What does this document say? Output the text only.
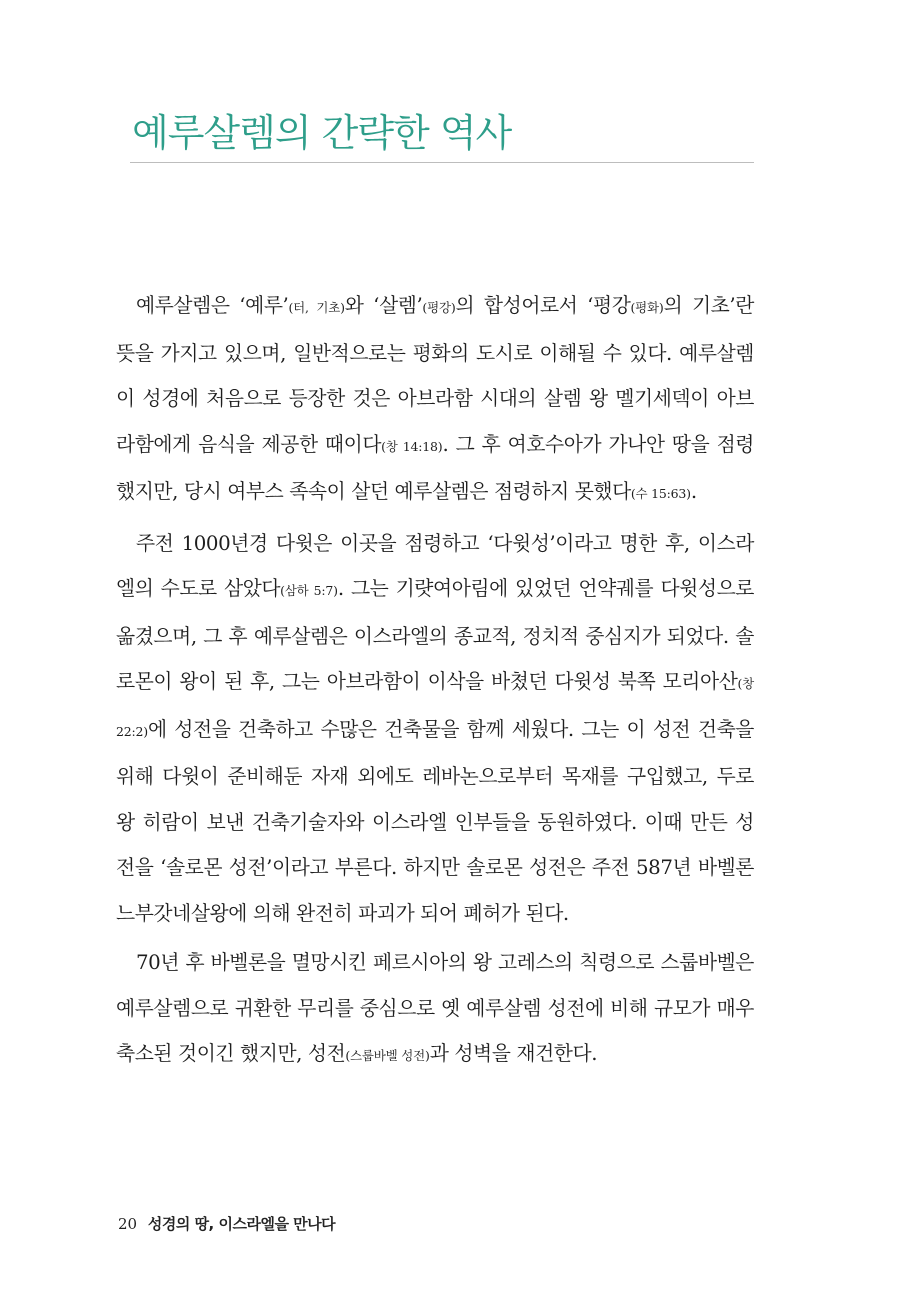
예루살렘의 간략한 역사

예루살렘은 ‘예루’(터, 기초)와 ‘살렘’(평강)의 합성어로서 ‘평강(평화)의 기초’란 뜻을 가지고 있으며, 일반적으로는 평화의 도시로 이해될 수 있다. 예루살렘이 성경에 처음으로 등장한 것은 아브라함 시대의 살렘 왕 멜기세덱이 아브라함에게 음식을 제공한 때이다(창 14:18). 그 후 여호수아가 가나안 땅을 점령했지만, 당시 여부스 족속이 살던 예루살렘은 점령하지 못했다(수 15:63).

주전 1000년경 다윗은 이곳을 점령하고 ‘다윗성’이라고 명한 후, 이스라엘의 수도로 삼았다(삼하 5:7). 그는 기럇여아림에 있었던 언약궤를 다윗성으로 옮겼으며, 그 후 예루살렘은 이스라엘의 종교적, 정치적 중심지가 되었다. 솔로몬이 왕이 된 후, 그는 아브라함이 이삭을 바쳤던 다윗성 북쪽 모리아산(창 22:2)에 성전을 건축하고 수많은 건축물을 함께 세웠다. 그는 이 성전 건축을 위해 다윗이 준비해둔 자재 외에도 레바논으로부터 목재를 구입했고, 두로 왕 히람이 보낸 건축기술자와 이스라엘 인부들을 동원하였다. 이때 만든 성전을 ‘솔로몬 성전’이라고 부른다. 하지만 솔로몬 성전은 주전 587년 바벨론 느부갓네살왕에 의해 완전히 파괴가 되어 폐허가 된다.

70년 후 바벨론을 멸망시킨 페르시아의 왕 고레스의 칙령으로 스룹바벨은 예루살렘으로 귀환한 무리를 중심으로 옛 예루살렘 성전에 비해 규모가 매우 축소된 것이긴 했지만, 성전(스룹바벨 성전)과 성벽을 재건한다.

20 성경의 땅, 이스라엘을 만나다
